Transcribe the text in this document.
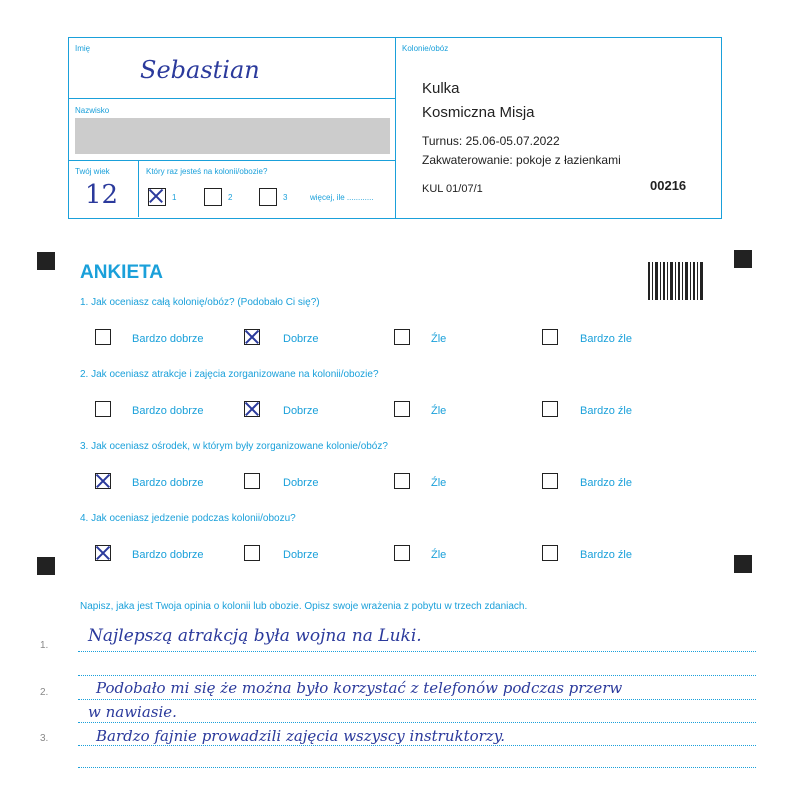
Imię
Sebastian
Nazwisko
Twój wiek
12
Który raz jesteś na kolonii/obozie?
1	2	3	więcej, ile ............
Kolonie/obóz
Kulka
Kosmiczna Misja
Turnus: 25.06-05.07.2022
Zakwaterowanie: pokoje z łazienkami
KUL 01/07/1	00216
ANKIETA
1. Jak oceniasz całą kolonię/obóz? (Podobało Ci się?)
Bardzo dobrze	Dobrze	Źle	Bardzo źle
2. Jak oceniasz atrakcje i zajęcia zorganizowane na kolonii/obozie?
Bardzo dobrze	Dobrze	Źle	Bardzo źle
3. Jak oceniasz ośrodek, w którym były zorganizowane kolonie/obóz?
Bardzo dobrze	Dobrze	Źle	Bardzo źle
4. Jak oceniasz jedzenie podczas kolonii/obozu?
Bardzo dobrze	Dobrze	Źle	Bardzo źle
Napisz, jaka jest Twoja opinia o kolonii lub obozie. Opisz swoje wrażenia z pobytu w trzech zdaniach.
1.
2.
3.
Najlepszą atrakcją była wojna na Luki.
Podobało mi się że można było korzystać z telefonów podczas przerw
w nawiasie.
Bardzo fajnie prowadzili zajęcia wszyscy instruktorzy.
